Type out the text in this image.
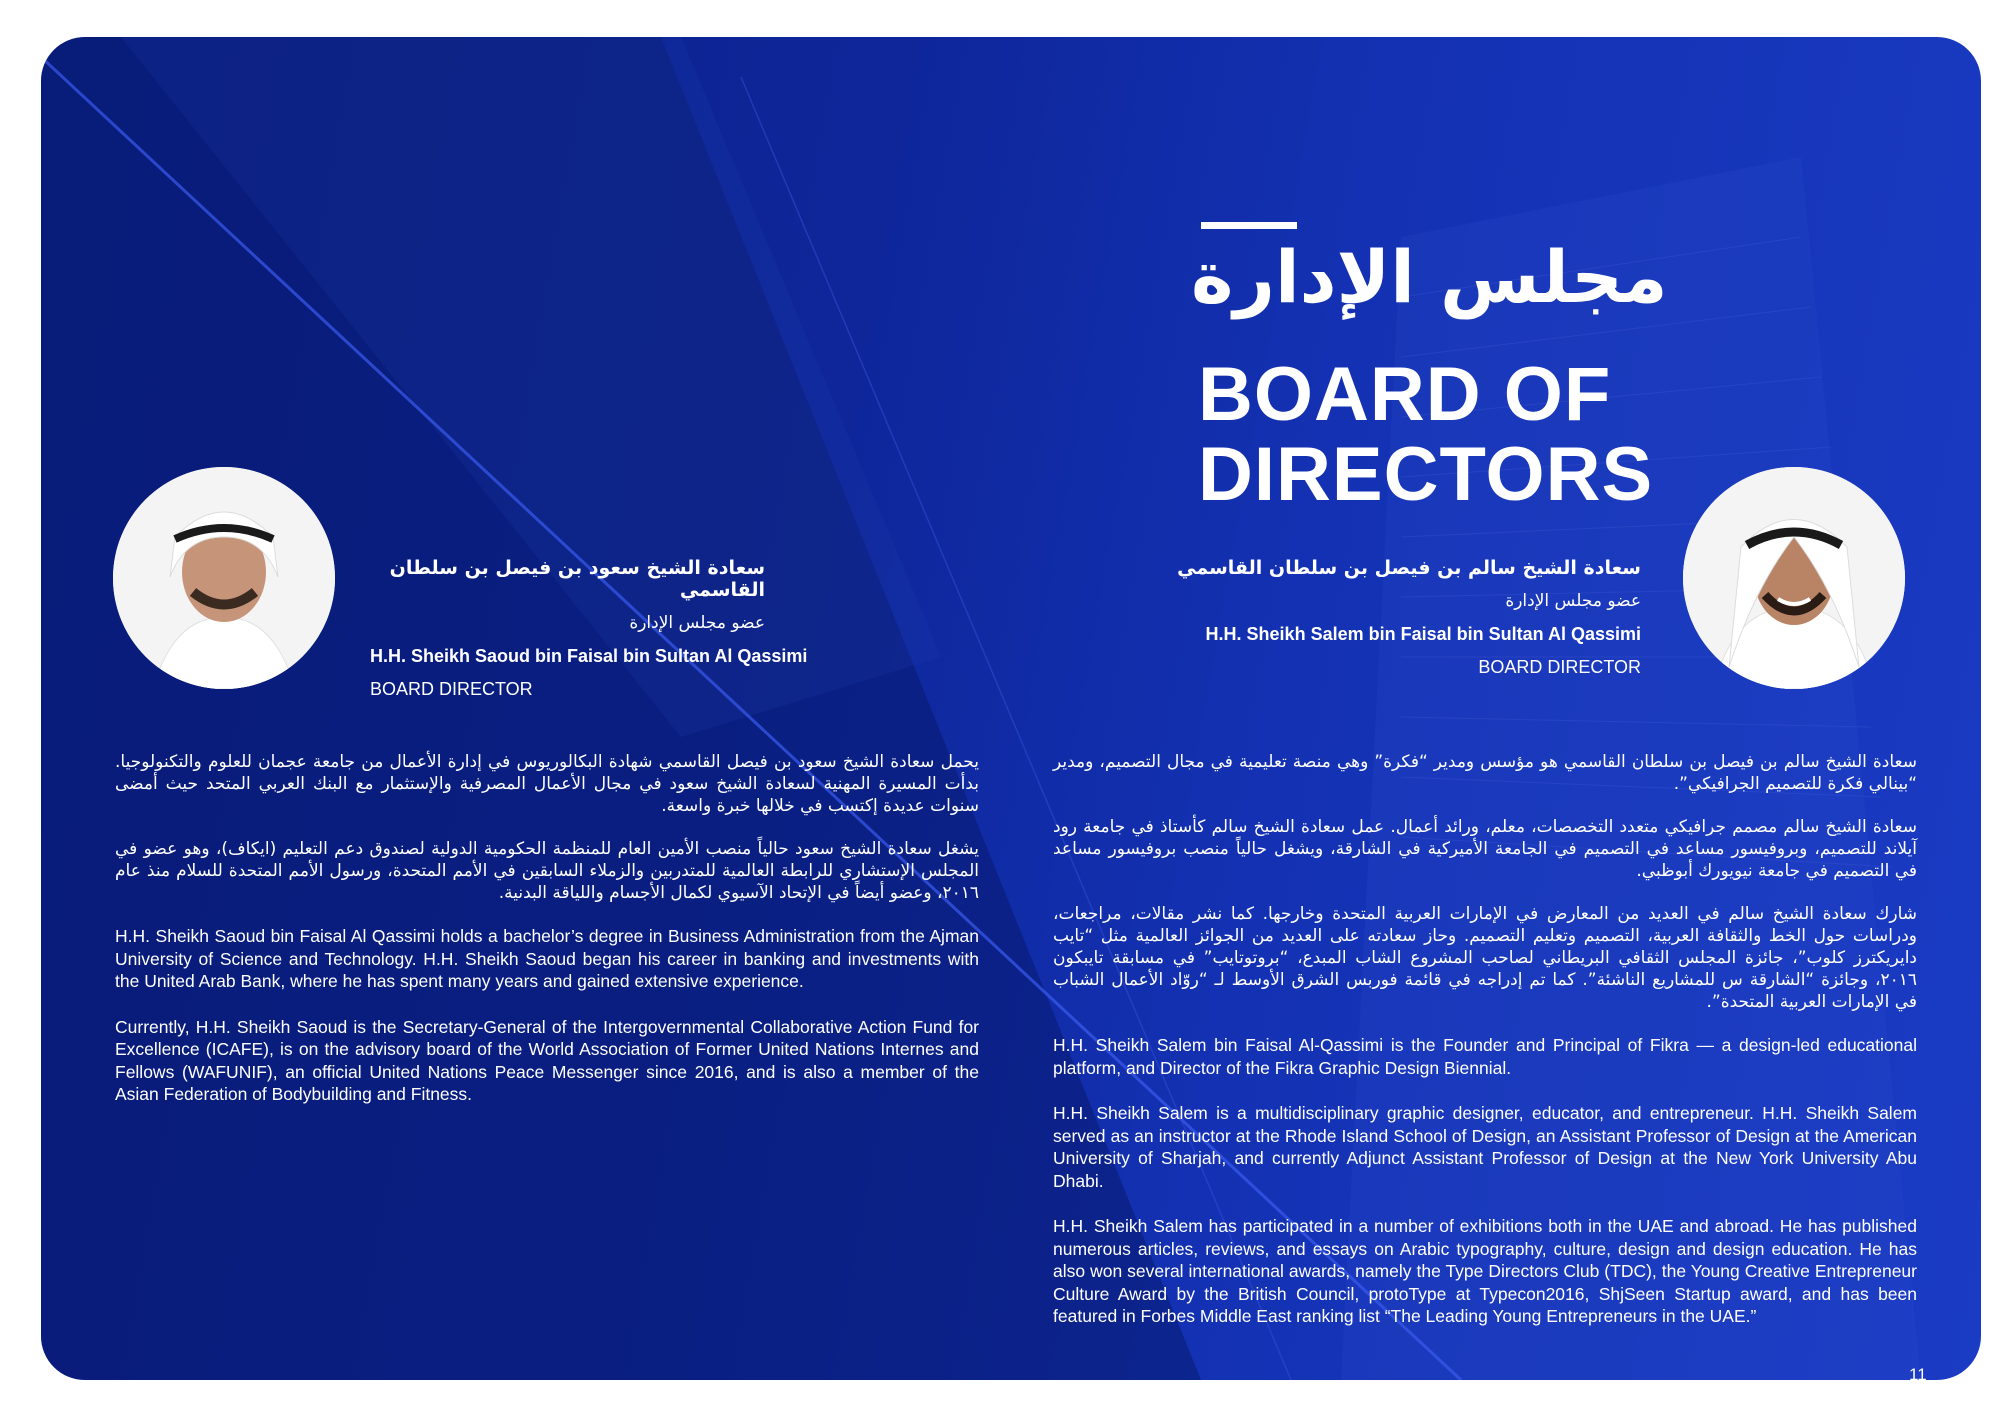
مجلس الإدارة
BOARD OF
DIRECTORS
سعادة الشيخ سعود بن فيصل بن سلطان القاسمي
عضو مجلس الإدارة
H.H. Sheikh Saoud bin Faisal bin Sultan Al Qassimi
BOARD DIRECTOR
سعادة الشيخ سالم بن فيصل بن سلطان القاسمي
عضو مجلس الإدارة
H.H. Sheikh Salem bin Faisal bin Sultan Al Qassimi
BOARD DIRECTOR

يحمل سعادة الشيخ سعود بن فيصل القاسمي شهادة البكالوريوس في إدارة الأعمال من جامعة عجمان للعلوم والتكنولوجيا. بدأت المسيرة المهنية لسعادة الشيخ سعود في مجال الأعمال المصرفية والإستثمار مع البنك العربي المتحد حيث أمضى سنوات عديدة إكتسب في خلالها خبرة واسعة.

يشغل سعادة الشيخ سعود حالياً منصب الأمين العام للمنظمة الحكومية الدولية لصندوق دعم التعليم (ايكاف)، وهو عضو في المجلس الإستشاري للرابطة العالمية للمتدربين والزملاء السابقين في الأمم المتحدة، ورسول الأمم المتحدة للسلام منذ عام ٢٠١٦، وعضو أيضاً في الإتحاد الآسيوي لكمال الأجسام واللياقة البدنية.

H.H. Sheikh Saoud bin Faisal Al Qassimi holds a bachelor’s degree in Business Administration from the Ajman University of Science and Technology. H.H. Sheikh Saoud began his career in banking and investments with the United Arab Bank, where he has spent many years and gained extensive experience.

Currently, H.H. Sheikh Saoud is the Secretary-General of the Intergovernmental Collaborative Action Fund for Excellence (ICAFE), is on the advisory board of the World Association of Former United Nations Internes and Fellows (WAFUNIF), an official United Nations Peace Messenger since 2016, and is also a member of the Asian Federation of Bodybuilding and Fitness.

سعادة الشيخ سالم بن فيصل بن سلطان القاسمي هو مؤسس ومدير “فكرة” وهي منصة تعليمية في مجال التصميم، ومدير “بينالي فكرة للتصميم الجرافيكي”.

سعادة الشيخ سالم مصمم جرافيكي متعدد التخصصات، معلم، ورائد أعمال. عمل سعادة الشيخ سالم كأستاذ في جامعة رود آيلاند للتصميم، وبروفيسور مساعد في التصميم في الجامعة الأميركية في الشارقة، ويشغل حالياً منصب بروفيسور مساعد في التصميم في جامعة نيويورك أبوظبي.

شارك سعادة الشيخ سالم في العديد من المعارض في الإمارات العربية المتحدة وخارجها. كما نشر مقالات، مراجعات، ودراسات حول الخط والثقافة العربية، التصميم وتعليم التصميم. وحاز سعادته على العديد من الجوائز العالمية مثل “تايب دايريكترز كلوب”، جائزة المجلس الثقافي البريطاني لصاحب المشروع الشاب المبدع، “بروتوتايب” في مسابقة تايبكون ٢٠١٦، وجائزة “الشارقة س للمشاريع الناشئة”. كما تم إدراجه في قائمة فوربس الشرق الأوسط لـ “روّاد الأعمال الشباب في الإمارات العربية المتحدة”.

H.H. Sheikh Salem bin Faisal Al-Qassimi is the Founder and Principal of Fikra — a design-led educational platform, and Director of the Fikra Graphic Design Biennial.

H.H. Sheikh Salem is a multidisciplinary graphic designer, educator, and entrepreneur. H.H. Sheikh Salem served as an instructor at the Rhode Island School of Design, an Assistant Professor of Design at the American University of Sharjah, and currently Adjunct Assistant Professor of Design at the New York University Abu Dhabi.

H.H. Sheikh Salem has participated in a number of exhibitions both in the UAE and abroad. He has published numerous articles, reviews, and essays on Arabic typography, culture, design and design education. He has also won several international awards, namely the Type Directors Club (TDC), the Young Creative Entrepreneur Culture Award by the British Council, protoType at Typecon2016, ShjSeen Startup award, and has been featured in Forbes Middle East ranking list “The Leading Young Entrepreneurs in the UAE.”

11
